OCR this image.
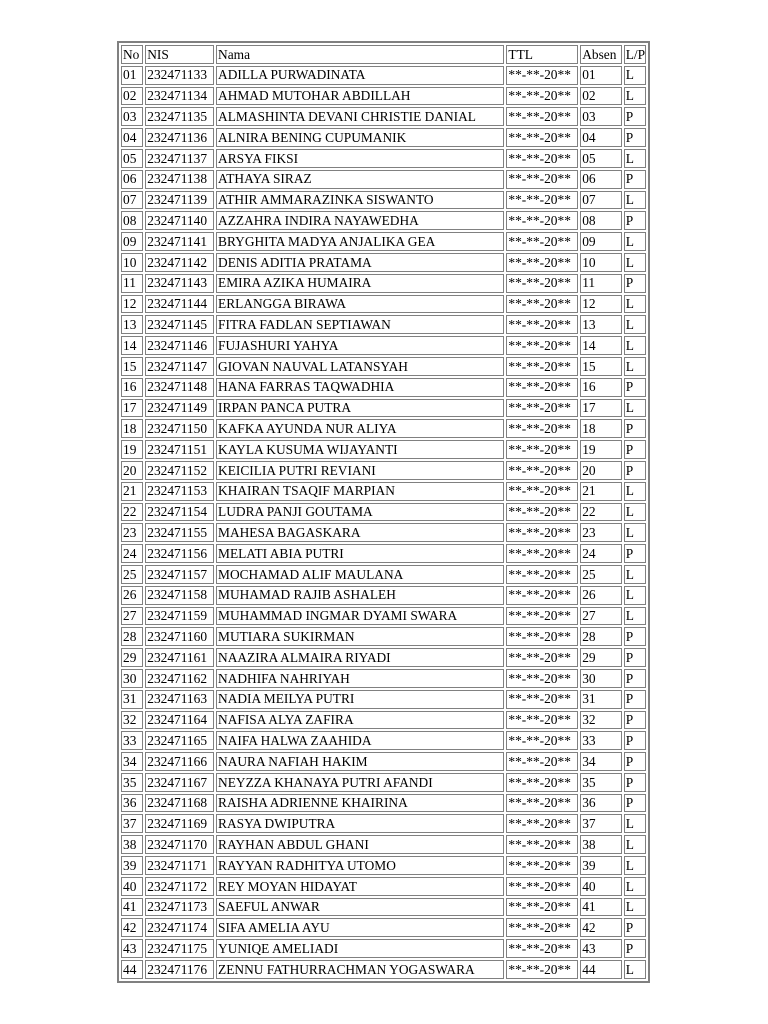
No	NIS	Nama	TTL	Absen	L/P
01	232471133	ADILLA PURWADINATA	**-**-20**	01	L
02	232471134	AHMAD MUTOHAR ABDILLAH	**-**-20**	02	L
03	232471135	ALMASHINTA DEVANI CHRISTIE DANIAL	**-**-20**	03	P
04	232471136	ALNIRA BENING CUPUMANIK	**-**-20**	04	P
05	232471137	ARSYA FIKSI	**-**-20**	05	L
06	232471138	ATHAYA SIRAZ	**-**-20**	06	P
07	232471139	ATHIR AMMARAZINKA SISWANTO	**-**-20**	07	L
08	232471140	AZZAHRA INDIRA NAYAWEDHA	**-**-20**	08	P
09	232471141	BRYGHITA MADYA ANJALIKA GEA	**-**-20**	09	L
10	232471142	DENIS ADITIA PRATAMA	**-**-20**	10	L
11	232471143	EMIRA AZIKA HUMAIRA	**-**-20**	11	P
12	232471144	ERLANGGA BIRAWA	**-**-20**	12	L
13	232471145	FITRA FADLAN SEPTIAWAN	**-**-20**	13	L
14	232471146	FUJASHURI YAHYA	**-**-20**	14	L
15	232471147	GIOVAN NAUVAL LATANSYAH	**-**-20**	15	L
16	232471148	HANA FARRAS TAQWADHIA	**-**-20**	16	P
17	232471149	IRPAN PANCA PUTRA	**-**-20**	17	L
18	232471150	KAFKA AYUNDA NUR ALIYA	**-**-20**	18	P
19	232471151	KAYLA KUSUMA WIJAYANTI	**-**-20**	19	P
20	232471152	KEICILIA PUTRI REVIANI	**-**-20**	20	P
21	232471153	KHAIRAN TSAQIF MARPIAN	**-**-20**	21	L
22	232471154	LUDRA PANJI GOUTAMA	**-**-20**	22	L
23	232471155	MAHESA BAGASKARA	**-**-20**	23	L
24	232471156	MELATI ABIA PUTRI	**-**-20**	24	P
25	232471157	MOCHAMAD ALIF MAULANA	**-**-20**	25	L
26	232471158	MUHAMAD RAJIB ASHALEH	**-**-20**	26	L
27	232471159	MUHAMMAD INGMAR DYAMI SWARA	**-**-20**	27	L
28	232471160	MUTIARA SUKIRMAN	**-**-20**	28	P
29	232471161	NAAZIRA ALMAIRA RIYADI	**-**-20**	29	P
30	232471162	NADHIFA NAHRIYAH	**-**-20**	30	P
31	232471163	NADIA MEILYA PUTRI	**-**-20**	31	P
32	232471164	NAFISA ALYA ZAFIRA	**-**-20**	32	P
33	232471165	NAIFA HALWA ZAAHIDA	**-**-20**	33	P
34	232471166	NAURA NAFIAH HAKIM	**-**-20**	34	P
35	232471167	NEYZZA KHANAYA PUTRI AFANDI	**-**-20**	35	P
36	232471168	RAISHA ADRIENNE KHAIRINA	**-**-20**	36	P
37	232471169	RASYA DWIPUTRA	**-**-20**	37	L
38	232471170	RAYHAN ABDUL GHANI	**-**-20**	38	L
39	232471171	RAYYAN RADHITYA UTOMO	**-**-20**	39	L
40	232471172	REY MOYAN HIDAYAT	**-**-20**	40	L
41	232471173	SAEFUL ANWAR	**-**-20**	41	L
42	232471174	SIFA AMELIA AYU	**-**-20**	42	P
43	232471175	YUNIQE AMELIADI	**-**-20**	43	P
44	232471176	ZENNU FATHURRACHMAN YOGASWARA	**-**-20**	44	L
